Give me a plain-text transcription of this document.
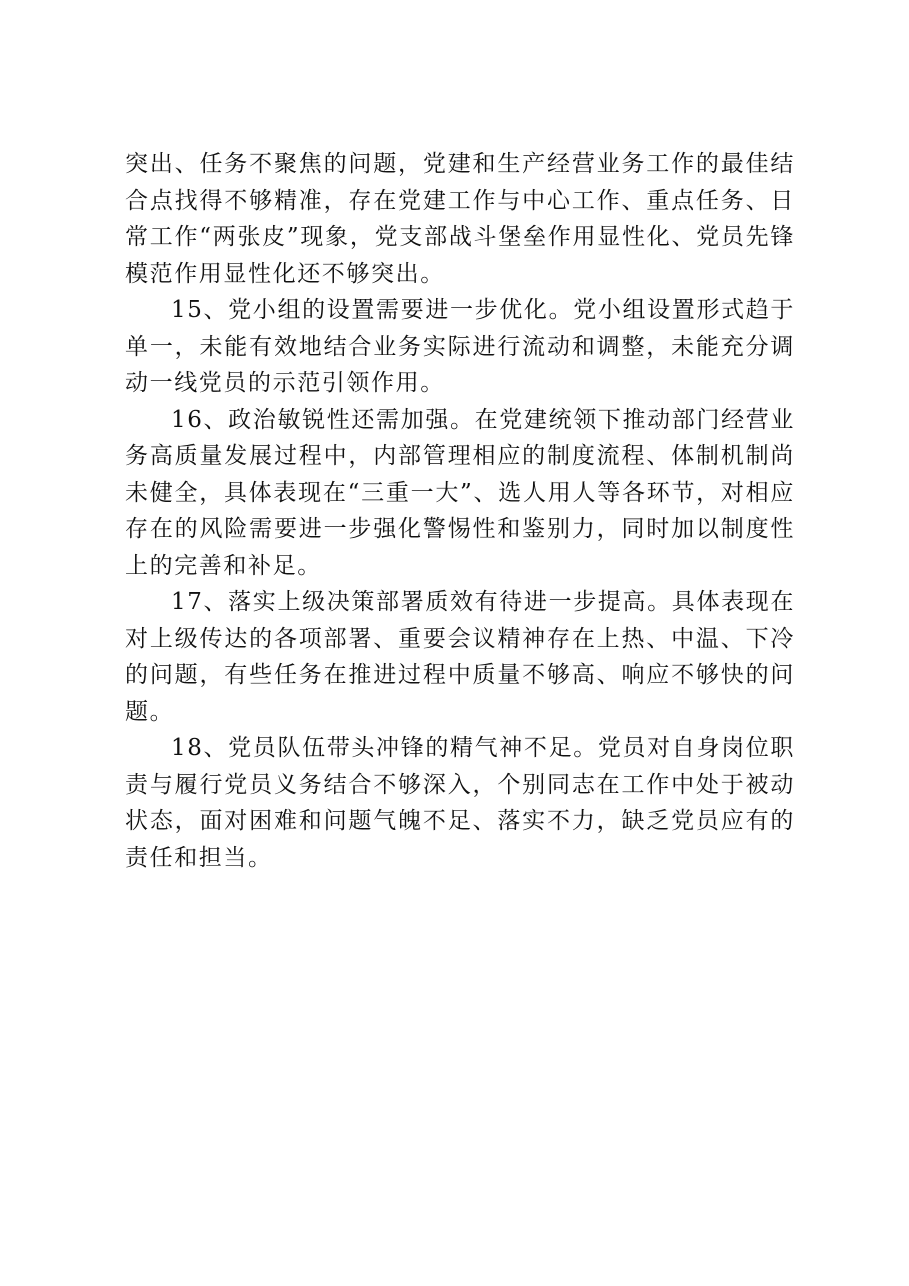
突出、任务不聚焦的问题，党建和生产经营业务工作的最佳结合点找得不够精准，存在党建工作与中心工作、重点任务、日常工作“两张皮”现象，党支部战斗堡垒作用显性化、党员先锋模范作用显性化还不够突出。

15、党小组的设置需要进一步优化。党小组设置形式趋于单一，未能有效地结合业务实际进行流动和调整，未能充分调动一线党员的示范引领作用。

16、政治敏锐性还需加强。在党建统领下推动部门经营业务高质量发展过程中，内部管理相应的制度流程、体制机制尚未健全，具体表现在“三重一大”、选人用人等各环节，对相应存在的风险需要进一步强化警惕性和鉴别力，同时加以制度性上的完善和补足。

17、落实上级决策部署质效有待进一步提高。具体表现在对上级传达的各项部署、重要会议精神存在上热、中温、下冷的问题，有些任务在推进过程中质量不够高、响应不够快的问题。

18、党员队伍带头冲锋的精气神不足。党员对自身岗位职责与履行党员义务结合不够深入，个别同志在工作中处于被动状态，面对困难和问题气魄不足、落实不力，缺乏党员应有的责任和担当。
